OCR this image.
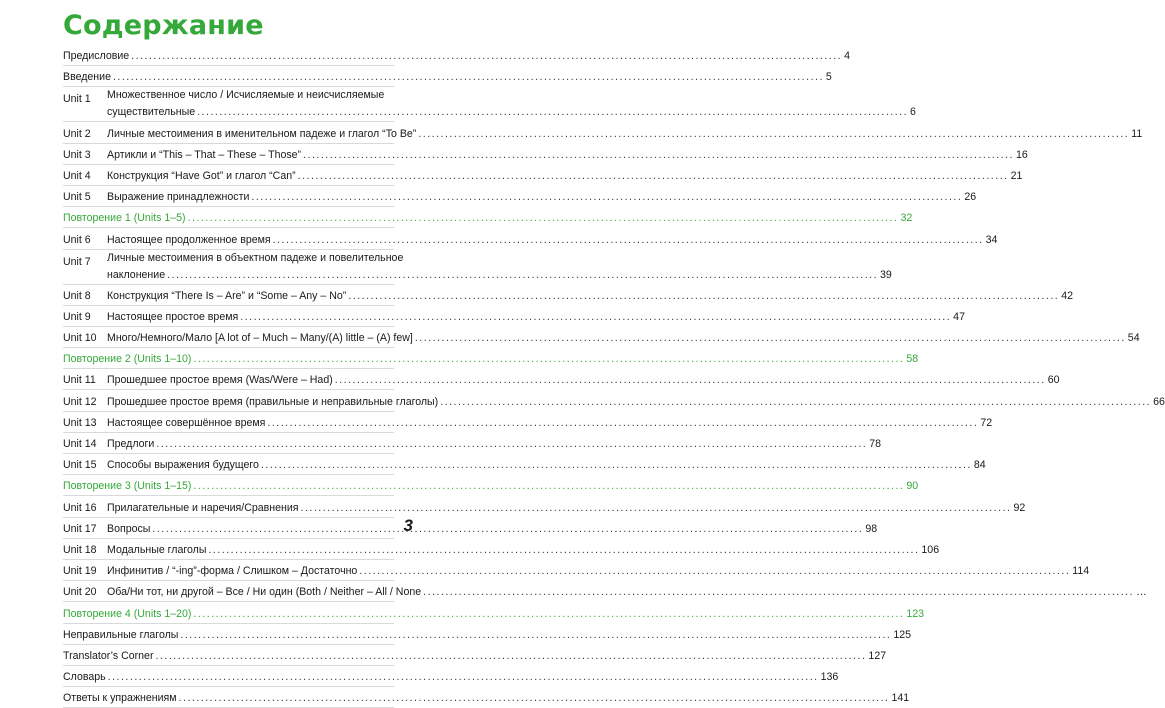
Содержание
Предисловие .....	4
Введение .....	5
Unit 1	Множественное число / Исчисляемые и неисчисляемые
существительные .....	6
Unit 2	Личные местоимения в именительном падеже и глагол “To Be” .....	11
Unit 3	Артикли и “This – That – These – Those” .....	16
Unit 4	Конструкция “Have Got” и глагол “Can” .....	21
Unit 5	Выражение принадлежности .....	26
Повторение 1 (Units 1–5) .....	32
Unit 6	Настоящее продолженное время .....	34
Unit 7	Личные местоимения в объектном падеже и повелительное
наклонение .....	39
Unit 8	Конструкция “There Is – Are” и “Some – Any – No” .....	42
Unit 9	Настоящее простое время .....	47
Unit 10 Много/Немного/Мало [A lot of – Much – Many/(A) little – (A) few] .....	54
Повторение 2 (Units 1–10) .....	58
Unit 11	Прошедшее простое время (Was/Were – Had) .....	60
Unit 12 Прошедшее простое время (правильные и неправильные глаголы) .....	66
Unit 13 Настоящее совершённое время .....	72
Unit 14 Предлоги .....	78
Unit 15 Способы выражения будущего .....	84
Повторение 3 (Units 1–15) .....	90
Unit 16 Прилагательные и наречия/Сравнения .....	92
Unit 17 Вопросы .....	98
Unit 18 Модальные глаголы .....	106
Unit 19 Инфинитив / “-ing”-форма / Слишком – Достаточно .....	114
Unit 20 Оба/Ни тот, ни другой – Все / Ни один (Both / Neither – All / None .....	…
Повторение 4 (Units 1–20) .....	123
Неправильные глаголы .....	125
Translator’s Corner .....	127
Словарь .....	136
Ответы к упражнениям .....	141
3
